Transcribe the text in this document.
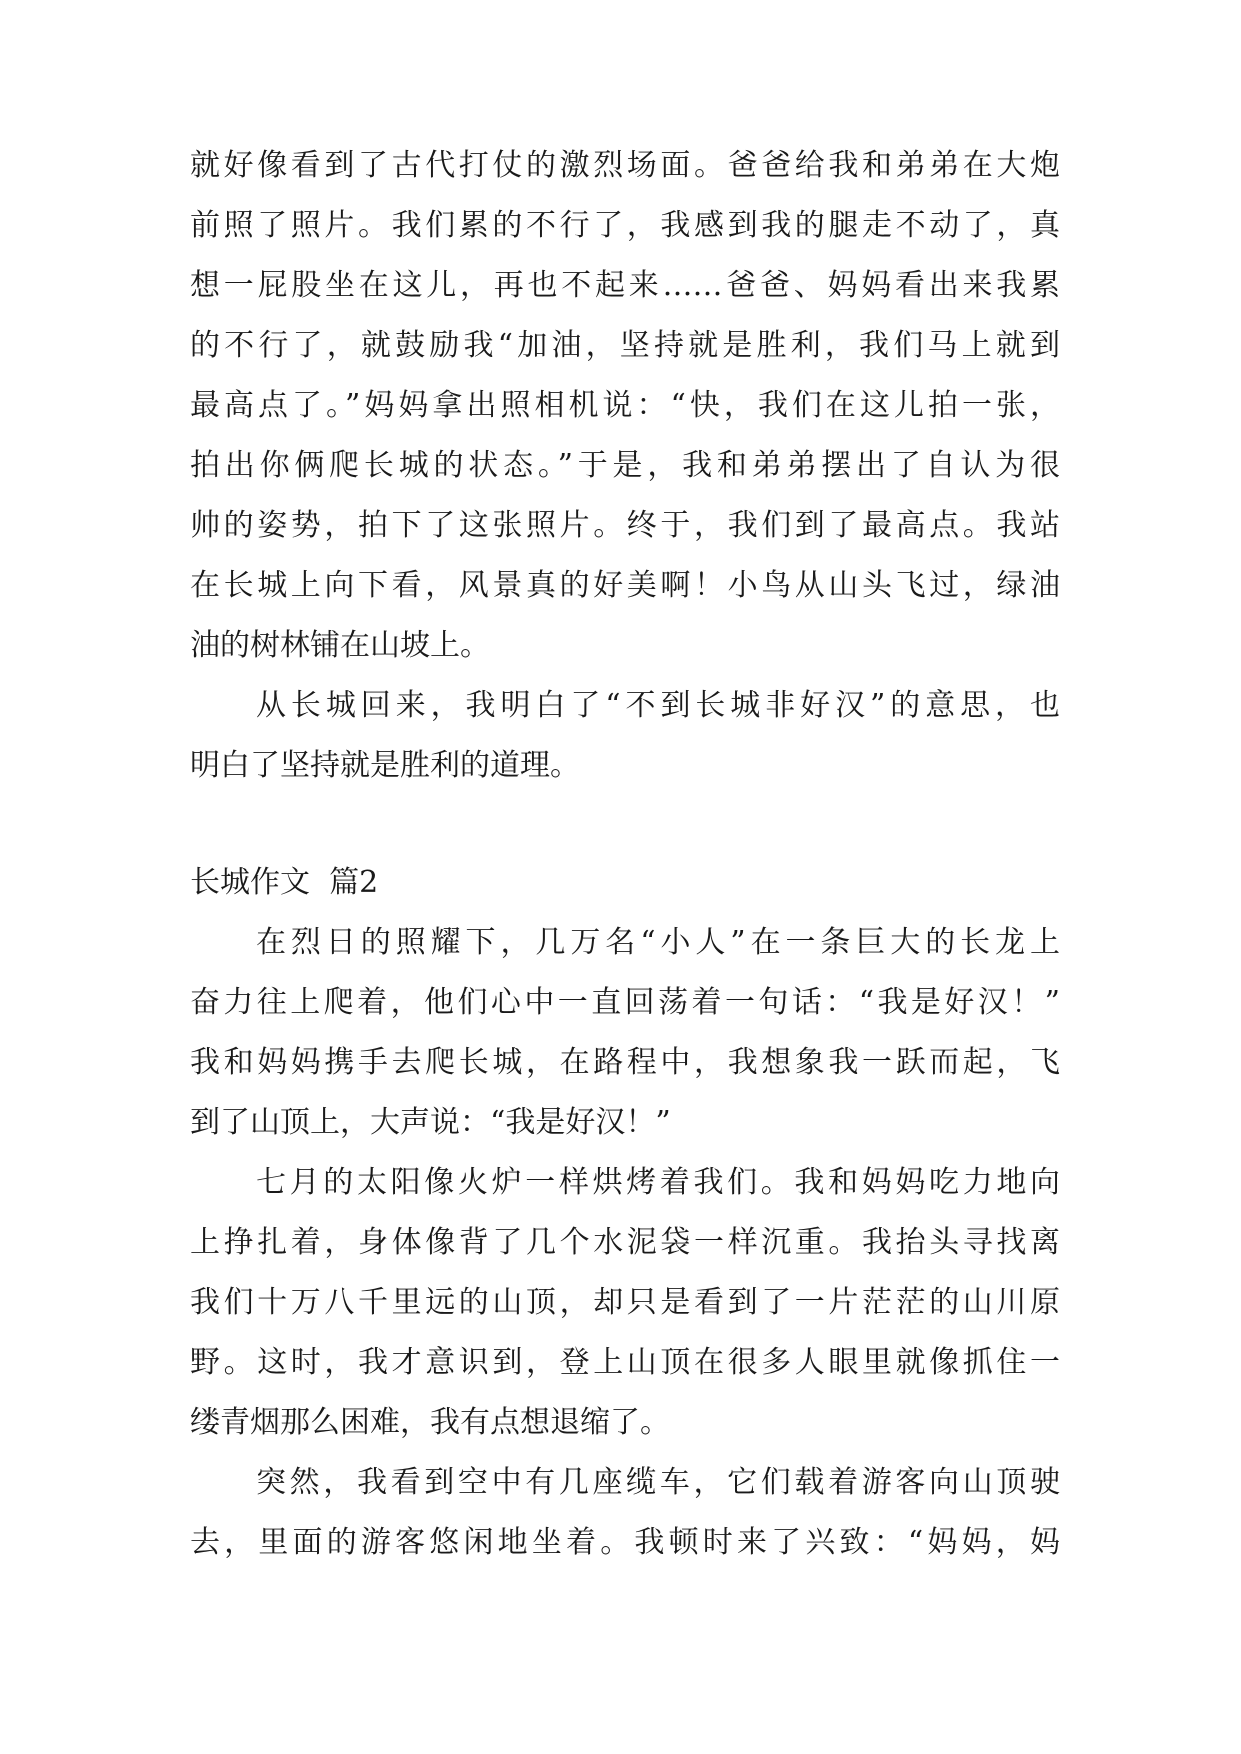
就好像看到了古代打仗的激烈场面。爸爸给我和弟弟在大炮
前照了照片。我们累的不行了，我感到我的腿走不动了，真
想一屁股坐在这儿，再也不起来……爸爸、妈妈看出来我累
的不行了，就鼓励我“加油，坚持就是胜利，我们马上就到
最高点了。”妈妈拿出照相机说：“快，我们在这儿拍一张，
拍出你俩爬长城的状态。”于是，我和弟弟摆出了自认为很
帅的姿势，拍下了这张照片。终于，我们到了最高点。我站
在长城上向下看，风景真的好美啊！小鸟从山头飞过，绿油
油的树林铺在山坡上。
从长城回来，我明白了“不到长城非好汉”的意思，也
明白了坚持就是胜利的道理。
长城作文  篇2
在烈日的照耀下，几万名“小人”在一条巨大的长龙上
奋力往上爬着，他们心中一直回荡着一句话：“我是好汉！”
我和妈妈携手去爬长城，在路程中，我想象我一跃而起，飞
到了山顶上，大声说：“我是好汉！”
七月的太阳像火炉一样烘烤着我们。我和妈妈吃力地向
上挣扎着，身体像背了几个水泥袋一样沉重。我抬头寻找离
我们十万八千里远的山顶，却只是看到了一片茫茫的山川原
野。这时，我才意识到，登上山顶在很多人眼里就像抓住一
缕青烟那么困难，我有点想退缩了。
突然，我看到空中有几座缆车，它们载着游客向山顶驶
去，里面的游客悠闲地坐着。我顿时来了兴致：“妈妈，妈
